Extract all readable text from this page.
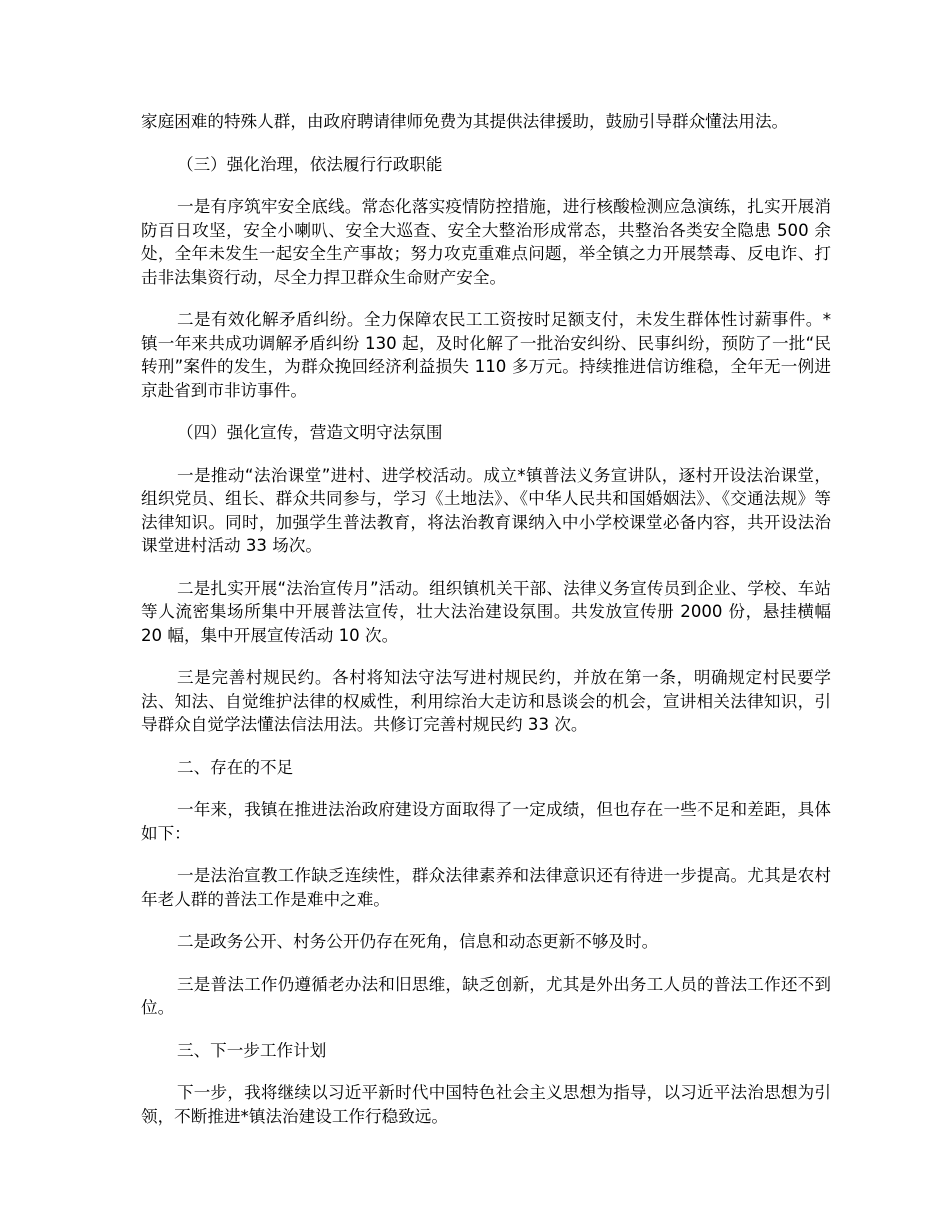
家庭困难的特殊人群，由政府聘请律师免费为其提供法律援助，鼓励引导群众懂法用法。

（三）强化治理，依法履行行政职能

一是有序筑牢安全底线。常态化落实疫情防控措施，进行核酸检测应急演练，扎实开展消防百日攻坚，安全小喇叭、安全大巡查、安全大整治形成常态，共整治各类安全隐患 500 余处，全年未发生一起安全生产事故；努力攻克重难点问题，举全镇之力开展禁毒、反电诈、打击非法集资行动，尽全力捍卫群众生命财产安全。

二是有效化解矛盾纠纷。全力保障农民工工资按时足额支付，未发生群体性讨薪事件。*镇一年来共成功调解矛盾纠纷 130 起，及时化解了一批治安纠纷、民事纠纷，预防了一批“民转刑”案件的发生，为群众挽回经济利益损失 110 多万元。持续推进信访维稳，全年无一例进京赴省到市非访事件。

（四）强化宣传，营造文明守法氛围

一是推动“法治课堂”进村、进学校活动。成立*镇普法义务宣讲队，逐村开设法治课堂，组织党员、组长、群众共同参与，学习《土地法》、《中华人民共和国婚姻法》、《交通法规》等法律知识。同时，加强学生普法教育，将法治教育课纳入中小学校课堂必备内容，共开设法治课堂进村活动 33 场次。

二是扎实开展“法治宣传月”活动。组织镇机关干部、法律义务宣传员到企业、学校、车站等人流密集场所集中开展普法宣传，壮大法治建设氛围。共发放宣传册 2000 份，悬挂横幅 20 幅，集中开展宣传活动 10 次。

三是完善村规民约。各村将知法守法写进村规民约，并放在第一条，明确规定村民要学法、知法、自觉维护法律的权威性，利用综治大走访和恳谈会的机会，宣讲相关法律知识，引导群众自觉学法懂法信法用法。共修订完善村规民约 33 次。

二、存在的不足

一年来，我镇在推进法治政府建设方面取得了一定成绩，但也存在一些不足和差距，具体如下：

一是法治宣教工作缺乏连续性，群众法律素养和法律意识还有待进一步提高。尤其是农村年老人群的普法工作是难中之难。

二是政务公开、村务公开仍存在死角，信息和动态更新不够及时。

三是普法工作仍遵循老办法和旧思维，缺乏创新，尤其是外出务工人员的普法工作还不到位。

三、下一步工作计划

下一步，我将继续以习近平新时代中国特色社会主义思想为指导，以习近平法治思想为引领，不断推进*镇法治建设工作行稳致远。
